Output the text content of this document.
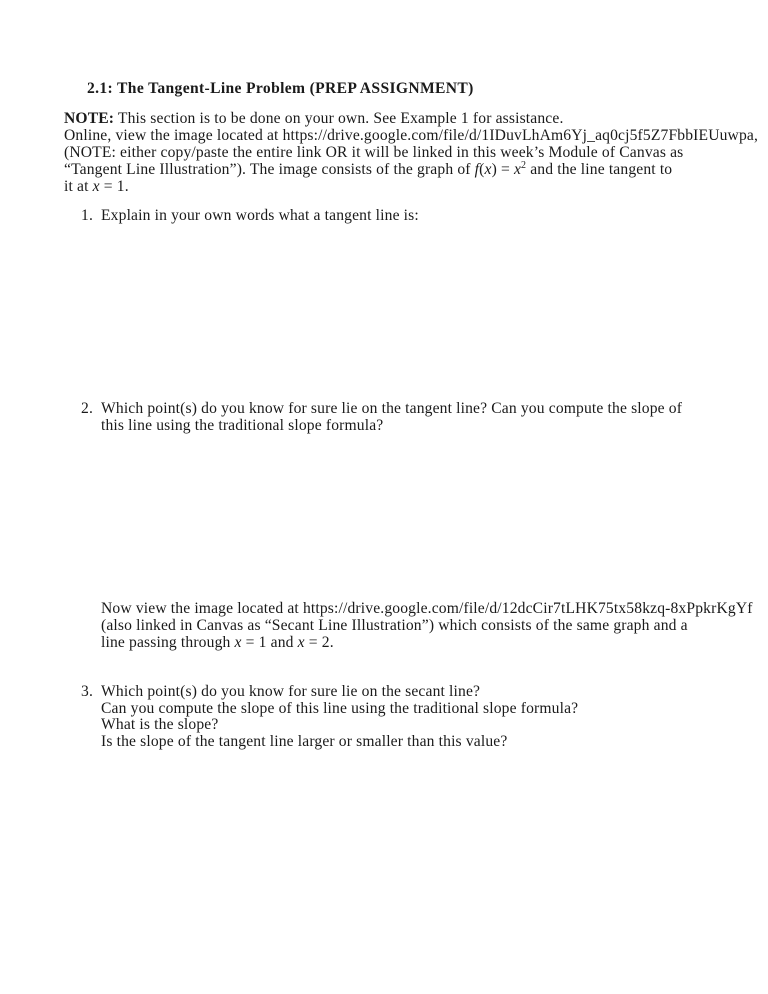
2.1: The Tangent-Line Problem (PREP ASSIGNMENT)
NOTE: This section is to be done on your own. See Example 1 for assistance.
Online, view the image located at https://drive.google.com/file/d/1IDuvLhAm6Yj_aq0cj5f5Z7FbbIEUuwpa,
(NOTE: either copy/paste the entire link OR it will be linked in this week’s Module of Canvas as
“Tangent Line Illustration”). The image consists of the graph of $f(x) = x^2$ and the line tangent to
it at x = 1.
1. Explain in your own words what a tangent line is:
2. Which point(s) do you know for sure lie on the tangent line? Can you compute the slope of
this line using the traditional slope formula?
Now view the image located at https://drive.google.com/file/d/12dcCir7tLHK75tx58kzq-8xPpkrKgYf
(also linked in Canvas as “Secant Line Illustration”) which consists of the same graph and a
line passing through x = 1 and x = 2.
3. Which point(s) do you know for sure lie on the secant line?
Can you compute the slope of this line using the traditional slope formula?
What is the slope?
Is the slope of the tangent line larger or smaller than this value?
